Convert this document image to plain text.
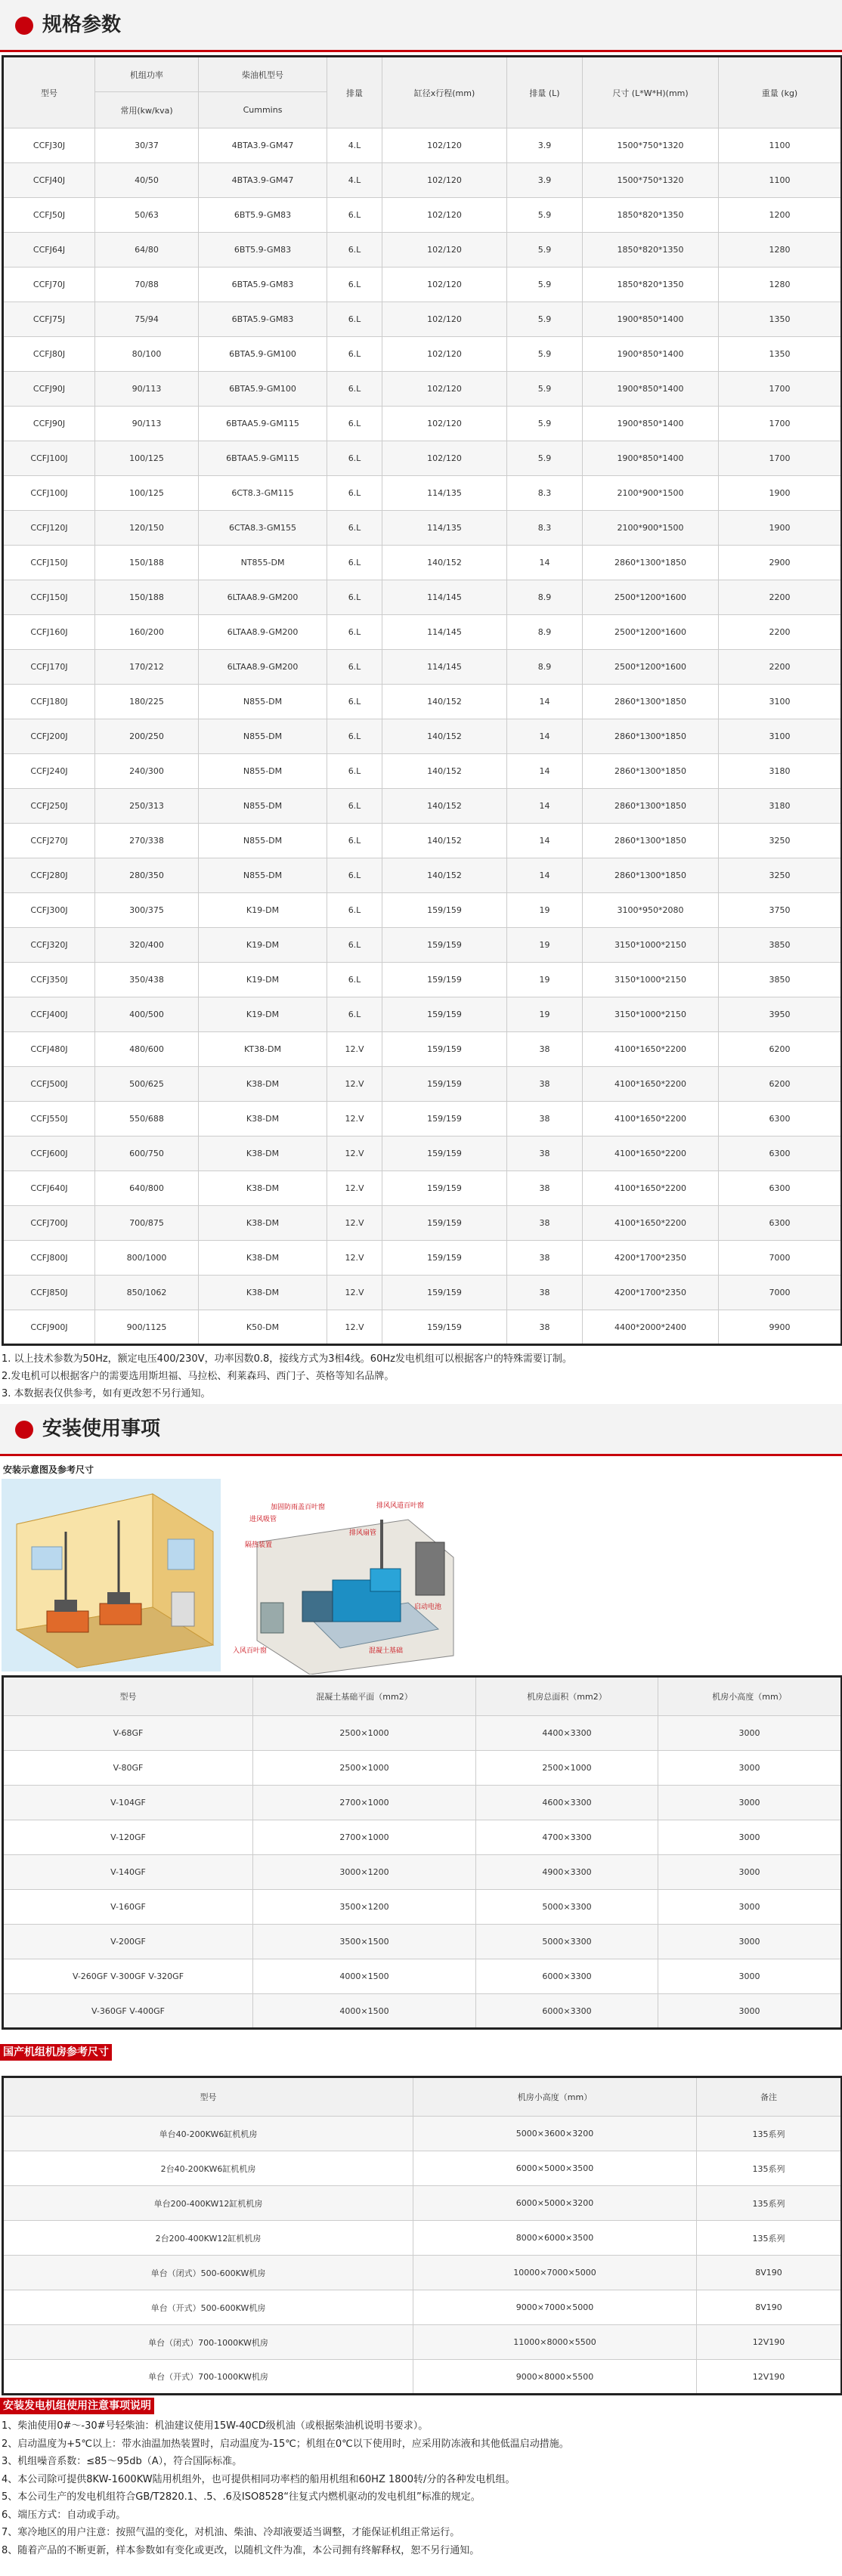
规格参数
型号	机组功率	柴油机型号	排量	缸径x行程(mm)	排量 (L)	尺寸 (L*W*H)(mm)	重量 (kg)
	常用(kw/kva)	Cummins					
CCFJ30J	30/37	4BTA3.9-GM47	4.L	102/120	3.9	1500*750*1320	1100
CCFJ40J	40/50	4BTA3.9-GM47	4.L	102/120	3.9	1500*750*1320	1100
CCFJ50J	50/63	6BT5.9-GM83	6.L	102/120	5.9	1850*820*1350	1200
CCFJ64J	64/80	6BT5.9-GM83	6.L	102/120	5.9	1850*820*1350	1280
CCFJ70J	70/88	6BTA5.9-GM83	6.L	102/120	5.9	1850*820*1350	1280
CCFJ75J	75/94	6BTA5.9-GM83	6.L	102/120	5.9	1900*850*1400	1350
CCFJ80J	80/100	6BTA5.9-GM100	6.L	102/120	5.9	1900*850*1400	1350
CCFJ90J	90/113	6BTA5.9-GM100	6.L	102/120	5.9	1900*850*1400	1700
CCFJ90J	90/113	6BTAA5.9-GM115	6.L	102/120	5.9	1900*850*1400	1700
CCFJ100J	100/125	6BTAA5.9-GM115	6.L	102/120	5.9	1900*850*1400	1700
CCFJ100J	100/125	6CT8.3-GM115	6.L	114/135	8.3	2100*900*1500	1900
CCFJ120J	120/150	6CTA8.3-GM155	6.L	114/135	8.3	2100*900*1500	1900
CCFJ150J	150/188	NT855-DM	6.L	140/152	14	2860*1300*1850	2900
CCFJ150J	150/188	6LTAA8.9-GM200	6.L	114/145	8.9	2500*1200*1600	2200
CCFJ160J	160/200	6LTAA8.9-GM200	6.L	114/145	8.9	2500*1200*1600	2200
CCFJ170J	170/212	6LTAA8.9-GM200	6.L	114/145	8.9	2500*1200*1600	2200
CCFJ180J	180/225	N855-DM	6.L	140/152	14	2860*1300*1850	3100
CCFJ200J	200/250	N855-DM	6.L	140/152	14	2860*1300*1850	3100
CCFJ240J	240/300	N855-DM	6.L	140/152	14	2860*1300*1850	3180
CCFJ250J	250/313	N855-DM	6.L	140/152	14	2860*1300*1850	3180
CCFJ270J	270/338	N855-DM	6.L	140/152	14	2860*1300*1850	3250
CCFJ280J	280/350	N855-DM	6.L	140/152	14	2860*1300*1850	3250
CCFJ300J	300/375	K19-DM	6.L	159/159	19	3100*950*2080	3750
CCFJ320J	320/400	K19-DM	6.L	159/159	19	3150*1000*2150	3850
CCFJ350J	350/438	K19-DM	6.L	159/159	19	3150*1000*2150	3850
CCFJ400J	400/500	K19-DM	6.L	159/159	19	3150*1000*2150	3950
CCFJ480J	480/600	KT38-DM	12.V	159/159	38	4100*1650*2200	6200
CCFJ500J	500/625	K38-DM	12.V	159/159	38	4100*1650*2200	6200
CCFJ550J	550/688	K38-DM	12.V	159/159	38	4100*1650*2200	6300
CCFJ600J	600/750	K38-DM	12.V	159/159	38	4100*1650*2200	6300
CCFJ640J	640/800	K38-DM	12.V	159/159	38	4100*1650*2200	6300
CCFJ700J	700/875	K38-DM	12.V	159/159	38	4100*1650*2200	6300
CCFJ800J	800/1000	K38-DM	12.V	159/159	38	4200*1700*2350	7000
CCFJ850J	850/1062	K38-DM	12.V	159/159	38	4200*1700*2350	7000
CCFJ900J	900/1125	K50-DM	12.V	159/159	38	4400*2000*2400	9900
1. 以上技术参数为50Hz，额定电压400/230V，功率因数0.8，接线方式为3相4线。60Hz发电机组可以根据客户的特殊需要订制。
2.发电机可以根据客户的需要选用斯坦福、马拉松、利莱森玛、西门子、英格等知名品牌。
3. 本数据表仅供参考，如有更改恕不另行通知。
安装使用事项
安装示意图及参考尺寸
加固防雨盖百叶窗
进风吸管
隔热装置
排风扇管
排风风道百叶窗
启动电池
混凝土基础
入风百叶窗
型号	混凝土基础平面（mm2）	机房总面积（mm2）	机房小高度（mm）
V-68GF	2500×1000	4400×3300	3000
V-80GF	2500×1000	2500×1000	3000
V-104GF	2700×1000	4600×3300	3000
V-120GF	2700×1000	4700×3300	3000
V-140GF	3000×1200	4900×3300	3000
V-160GF	3500×1200	5000×3300	3000
V-200GF	3500×1500	5000×3300	3000
V-260GF V-300GF V-320GF	4000×1500	6000×3300	3000
V-360GF V-400GF	4000×1500	6000×3300	3000
国产机组机房参考尺寸
型号	机房小高度（mm）	备注
单台40-200KW6缸机机房	5000×3600×3200	135系列
2台40-200KW6缸机机房	6000×5000×3500	135系列
单台200-400KW12缸机机房	6000×5000×3200	135系列
2台200-400KW12缸机机房	8000×6000×3500	135系列
单台（闭式）500-600KW机房	10000×7000×5000	8V190
单台（开式）500-600KW机房	9000×7000×5000	8V190
单台（闭式）700-1000KW机房	11000×8000×5500	12V190
单台（开式）700-1000KW机房	9000×8000×5500	12V190
安装发电机组使用注意事项说明
1、柴油使用0#～-30#号轻柴油：机油建议使用15W-40CD级机油（或根据柴油机说明书要求）。
2、启动温度为+5℃以上：带水油温加热装置时，启动温度为-15℃；机组在0℃以下使用时，应采用防冻液和其他低温启动措施。
3、机组噪音系数：≤85～95db（A），符合国际标准。
4、本公司除可提供8KW-1600KW陆用机组外，也可提供相同功率档的船用机组和60HZ 1800转/分的各种发电机组。
5、本公司生产的发电机组符合GB/T2820.1、.5、.6及ISO8528“往复式内燃机驱动的发电机组”标准的规定。
6、端压方式：自动或手动。
7、寒冷地区的用户注意：按照气温的变化，对机油、柴油、冷却液要适当调整，才能保证机组正常运行。
8、随着产品的不断更新，样本参数如有变化或更改，以随机文件为准，本公司拥有终解释权，恕不另行通知。
